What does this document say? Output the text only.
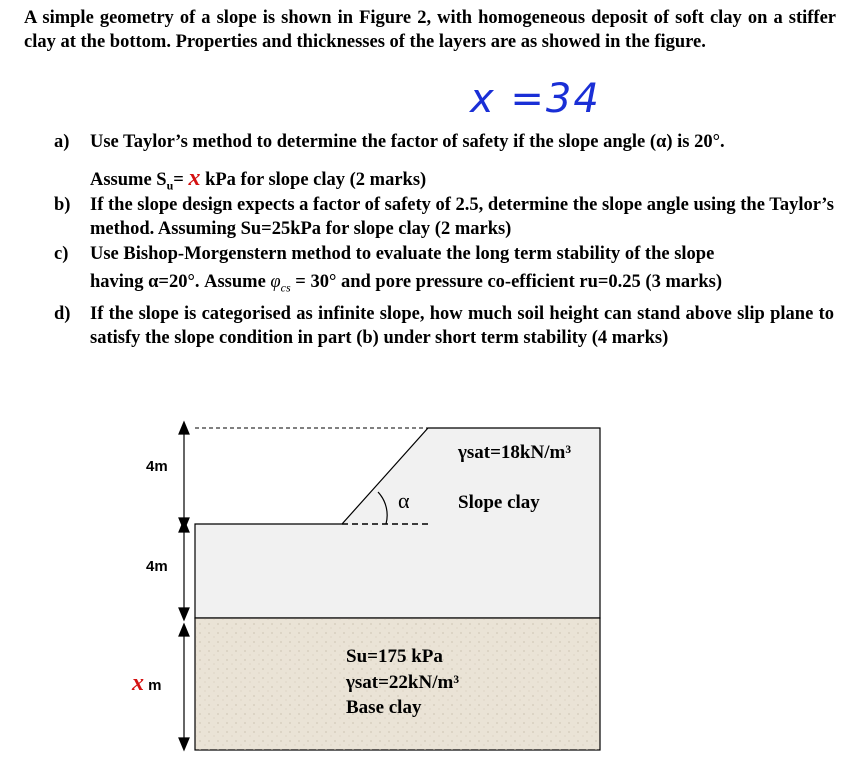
A simple geometry of a slope is shown in Figure 2, with homogeneous deposit of soft clay on a stiffer clay at the bottom. Properties and thicknesses of the layers are as showed in the figure.
x =34
a)	Use Taylor’s method to determine the factor of safety if the slope angle (α) is 20°.
Assume $S_u= x$ kPa for slope clay (2 marks)
b)	If the slope design expects a factor of safety of 2.5, determine the slope angle using the Taylor’s method. Assuming Su=25kPa for slope clay (2 marks)
c)	Use Bishop-Morgenstern method to evaluate the long term stability of the slope
having α=20°. Assume $\varphi_{cs} = 30^\circ$ and pore pressure co-efficient ru=0.25 (3 marks)
d)	If the slope is categorised as infinite slope, how much soil height can stand above slip plane to satisfy the slope condition in part (b) under short term stability (4 marks)
4m
4m
x m
α
γsat=18kN/m³
Slope clay
Su=175 kPa
γsat=22kN/m³
Base clay
